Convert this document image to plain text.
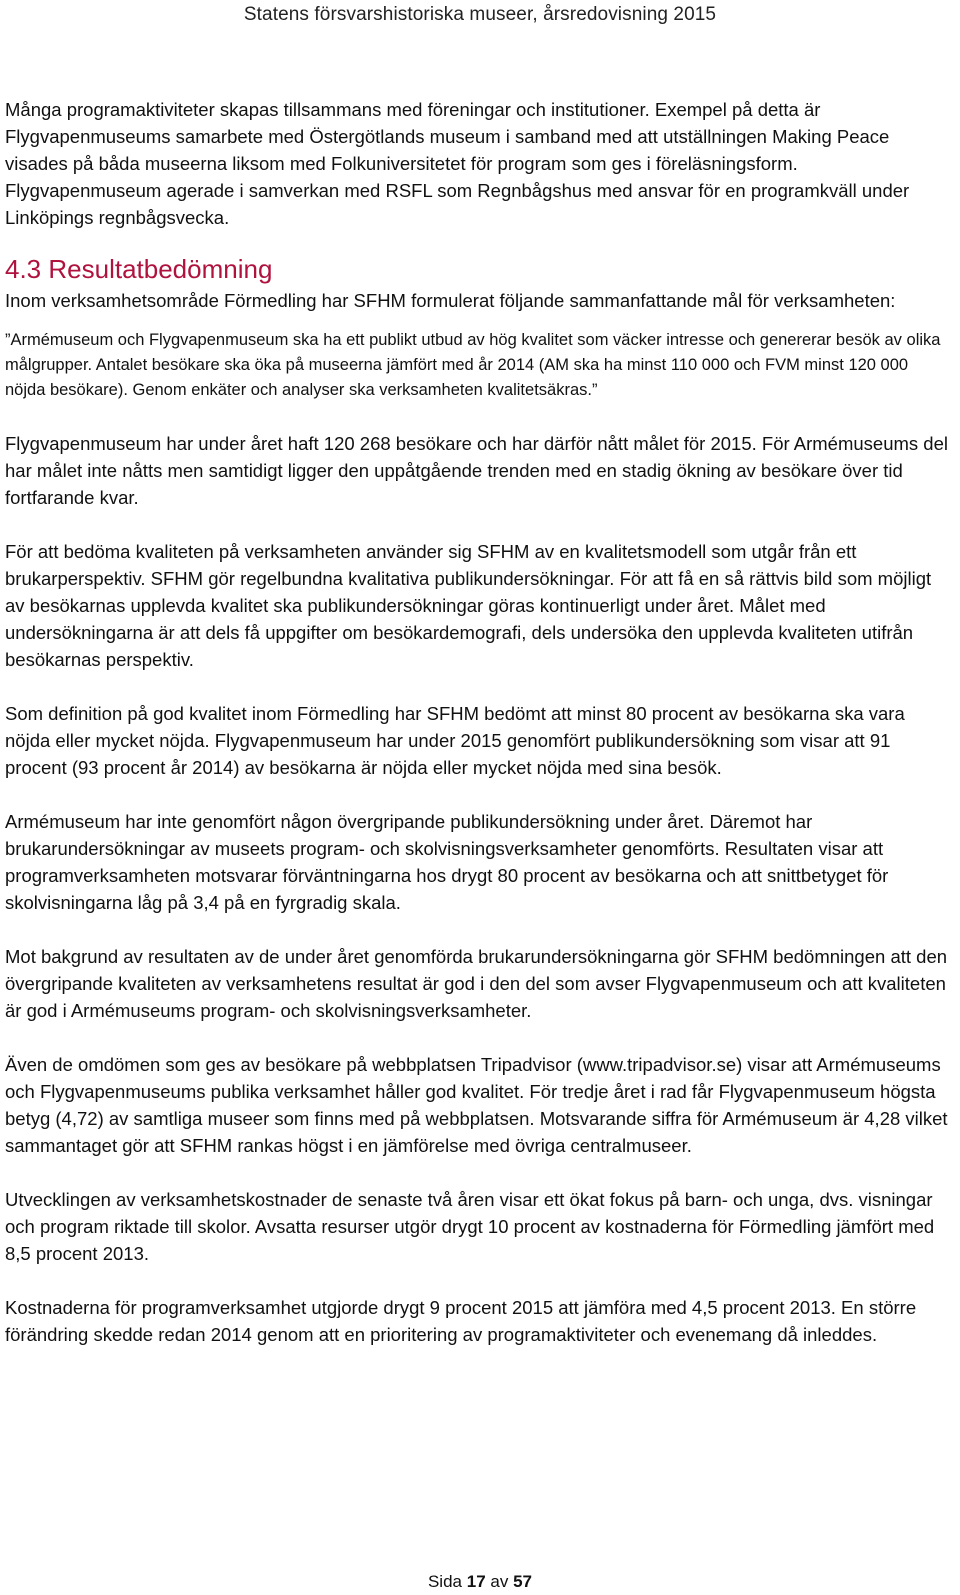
Statens försvarshistoriska museer, årsredovisning 2015

Många programaktiviteter skapas tillsammans med föreningar och institutioner. Exempel på detta är Flygvapenmuseums samarbete med Östergötlands museum i samband med att utställningen Making Peace visades på båda museerna liksom med Folkuniversitetet för program som ges i föreläsningsform. Flygvapenmuseum agerade i samverkan med RSFL som Regnbågshus med ansvar för en programkväll under Linköpings regnbågsvecka.

4.3 Resultatbedömning

Inom verksamhetsområde Förmedling har SFHM formulerat följande sammanfattande mål för verksamheten:

”Armémuseum och Flygvapenmuseum ska ha ett publikt utbud av hög kvalitet som väcker intresse och genererar besök av olika målgrupper. Antalet besökare ska öka på museerna jämfört med år 2014 (AM ska ha minst 110 000 och FVM minst 120 000 nöjda besökare). Genom enkäter och analyser ska verksamheten kvalitetsäkras.”

Flygvapenmuseum har under året haft 120 268 besökare och har därför nått målet för 2015. För Armémuseums del har målet inte nåtts men samtidigt ligger den uppåtgående trenden med en stadig ökning av besökare över tid fortfarande kvar.

För att bedöma kvaliteten på verksamheten använder sig SFHM av en kvalitetsmodell som utgår från ett brukarperspektiv. SFHM gör regelbundna kvalitativa publikundersökningar. För att få en så rättvis bild som möjligt av besökarnas upplevda kvalitet ska publikundersökningar göras kontinuerligt under året. Målet med undersökningarna är att dels få uppgifter om besökardemografi, dels undersöka den upplevda kvaliteten utifrån besökarnas perspektiv.

Som definition på god kvalitet inom Förmedling har SFHM bedömt att minst 80 procent av besökarna ska vara nöjda eller mycket nöjda. Flygvapenmuseum har under 2015 genomfört publikundersökning som visar att 91 procent (93 procent år 2014) av besökarna är nöjda eller mycket nöjda med sina besök.

Armémuseum har inte genomfört någon övergripande publikundersökning under året. Däremot har brukarundersökningar av museets program- och skolvisningsverksamheter genomförts. Resultaten visar att programverksamheten motsvarar förväntningarna hos drygt 80 procent av besökarna och att snittbetyget för skolvisningarna låg på 3,4 på en fyrgradig skala.

Mot bakgrund av resultaten av de under året genomförda brukarundersökningarna gör SFHM bedömningen att den övergripande kvaliteten av verksamhetens resultat är god i den del som avser Flygvapenmuseum och att kvaliteten är god i Armémuseums program- och skolvisningsverksamheter.

Även de omdömen som ges av besökare på webbplatsen Tripadvisor (www.tripadvisor.se) visar att Armémuseums och Flygvapenmuseums publika verksamhet håller god kvalitet. För tredje året i rad får Flygvapenmuseum högsta betyg (4,72) av samtliga museer som finns med på webbplatsen. Motsvarande siffra för Armémuseum är 4,28 vilket sammantaget gör att SFHM rankas högst i en jämförelse med övriga centralmuseer.

Utvecklingen av verksamhetskostnader de senaste två åren visar ett ökat fokus på barn- och unga, dvs. visningar och program riktade till skolor. Avsatta resurser utgör drygt 10 procent av kostnaderna för Förmedling jämfört med 8,5 procent 2013.

Kostnaderna för programverksamhet utgjorde drygt 9 procent 2015 att jämföra med 4,5 procent 2013. En större förändring skedde redan 2014 genom att en prioritering av programaktiviteter och evenemang då inleddes.

Sida 17 av 57
